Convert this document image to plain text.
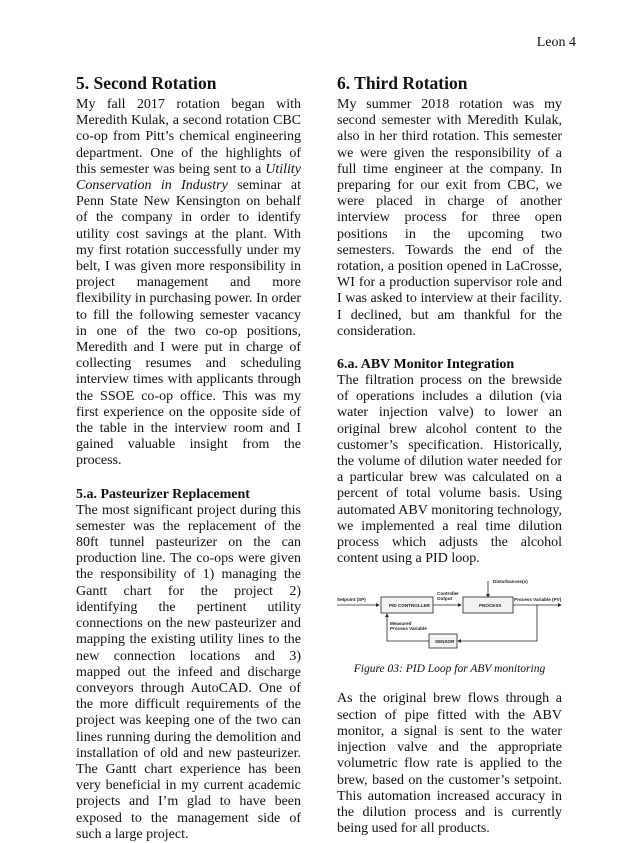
Leon 4
5. Second Rotation

My fall 2017 rotation began with Meredith Kulak, a second rotation CBC co-op from Pitt’s chemical engineering department. One of the highlights of this semester was being sent to a Utility Conservation in Industry seminar at Penn State New Kensington on behalf of the company in order to identify utility cost savings at the plant. With my first rotation successfully under my belt, I was given more responsibility in project management and more flexibility in purchasing power. In order to fill the following semester vacancy in one of the two co-op positions, Meredith and I were put in charge of collecting resumes and scheduling interview times with applicants through the SSOE co-op office. This was my first experience on the opposite side of the table in the interview room and I gained valuable insight from the process.

5.a. Pasteurizer Replacement

The most significant project during this semester was the replacement of the 80ft tunnel pasteurizer on the can production line. The co-ops were given the responsibility of 1) managing the Gantt chart for the project 2) identifying the pertinent utility connections on the new pasteurizer and mapping the existing utility lines to the new connection locations and 3) mapped out the infeed and discharge conveyors through AutoCAD. One of the more difficult requirements of the project was keeping one of the two can lines running during the demolition and installation of old and new pasteurizer. The Gantt chart experience has been very beneficial in my current academic projects and I’m glad to have been exposed to the management side of such a large project.

6. Third Rotation

My summer 2018 rotation was my second semester with Meredith Kulak, also in her third rotation. This semester we were given the responsibility of a full time engineer at the company. In preparing for our exit from CBC, we were placed in charge of another interview process for three open positions in the upcoming two semesters. Towards the end of the rotation, a position opened in LaCrosse, WI for a production supervisor role and I was asked to interview at their facility. I declined, but am thankful for the consideration.

6.a. ABV Monitor Integration

The filtration process on the brewside of operations includes a dilution (via water injection valve) to lower an original brew alcohol content to the customer’s specification. Historically, the volume of dilution water needed for a particular brew was calculated on a percent of total volume basis. Using automated ABV monitoring technology, we implemented a real time dilution process which adjusts the alcohol content using a PID loop.

Disturbances(s)
Setpoint (SP)
PID CONTROLLER
Controller
Output
PROCESS
Process Variable (PV)
SENSOR
Measured
Process Variable
Figure 03: PID Loop for ABV monitoring

As the original brew flows through a section of pipe fitted with the ABV monitor, a signal is sent to the water injection valve and the appropriate volumetric flow rate is applied to the brew, based on the customer’s setpoint. This automation increased accuracy in the dilution process and is currently being used for all products.
